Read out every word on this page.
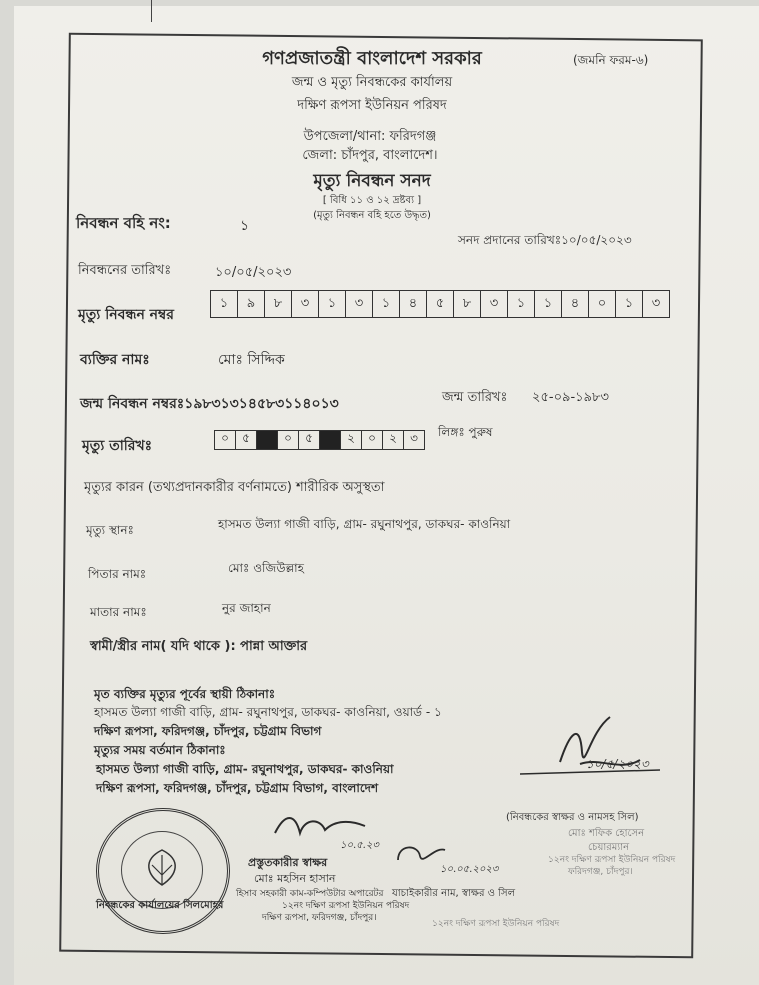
গণপ্রজাতন্ত্রী বাংলাদেশ সরকার	(জমনি ফরম-৬)
জন্ম ও মৃত্যু নিবন্ধকের কার্যালয়
দক্ষিণ রূপসা ইউনিয়ন পরিষদ
উপজেলা/থানা: ফরিদগঞ্জ
জেলা: চাঁদপুর, বাংলাদেশ।
মৃত্যু নিবন্ধন সনদ
[ বিধি ১১ ও ১২ দ্রষ্টব্য ]
(মৃত্যু নিবন্ধন বহি হতে উদ্ধৃত)
নিবন্ধন বহি নং:	১
সনদ প্রদানের তারিখঃ১০/০৫/২০২৩
নিবন্ধনের তারিখঃ	১০/০৫/২০২৩
মৃত্যু নিবন্ধন নম্বর
১	৯	৮	৩	১	৩	১	৪	৫	৮	৩	১	১	৪	০	১	৩
ব্যক্তির নামঃ	মোঃ সিদ্দিক
জন্ম নিবন্ধন নম্বরঃ১৯৮৩১৩১৪৫৮৩১১৪০১৩	জন্ম তারিখঃ ২৫-০৯-১৯৮৩
লিঙ্গঃ পুরুষ
মৃত্যু তারিখঃ	০	৫	০	৫	২	০	২	৩
মৃত্যুর কারন (তথ্যপ্রদানকারীর বর্ণনামতে) শারীরিক অসুস্থতা
মৃত্যু স্থানঃ	হাসমত উল্যা গাজী বাড়ি, গ্রাম- রঘুনাথপুর, ডাকঘর- কাওনিয়া
পিতার নামঃ	মোঃ ওজিউল্লাহ
মাতার নামঃ	নুর জাহান
স্বামী/স্ত্রীর নাম( যদি থাকে ): পান্না আক্তার
মৃত ব্যক্তির মৃত্যুর পূর্বের স্থায়ী ঠিকানাঃ
হাসমত উল্যা গাজী বাড়ি, গ্রাম- রঘুনাথপুর, ডাকঘর- কাওনিয়া, ওয়ার্ড - ১
দক্ষিণ রূপসা, ফরিদগঞ্জ, চাঁদপুর, চট্টগ্রাম বিভাগ
মৃত্যুর সময় বর্তমান ঠিকানাঃ
হাসমত উল্যা গাজী বাড়ি, গ্রাম- রঘুনাথপুর, ডাকঘর- কাওনিয়া
দক্ষিণ রূপসা, ফরিদগঞ্জ, চাঁদপুর, চট্টগ্রাম বিভাগ, বাংলাদেশ
১০/৫/২০২৩
(নিবন্ধকের স্বাক্ষর ও নামসহ সিল)
মোঃ শফিক হোসেন
চেয়ারম্যান
১২নং দক্ষিণ রূপসা ইউনিয়ন পরিষদ
ফরিদগঞ্জ, চাঁদপুর।
১০.৫.২৩
প্রস্তুতকারীর স্বাক্ষর
মোঃ মহসিন হাসান
হিসাব সহকারী কাম-কম্পিউটার অপারেটর
১২নং দক্ষিণ রূপসা ইউনিয়ন পরিষদ
দক্ষিণ রূপসা, ফরিদগঞ্জ, চাঁদপুর।
১০.০৫.২০২৩
যাচাইকারীর নাম, স্বাক্ষর ও সিল
নিবন্ধকের কার্যালয়ের সিলমোহর
১২নং দক্ষিণ রূপসা ইউনিয়ন পরিষদ
